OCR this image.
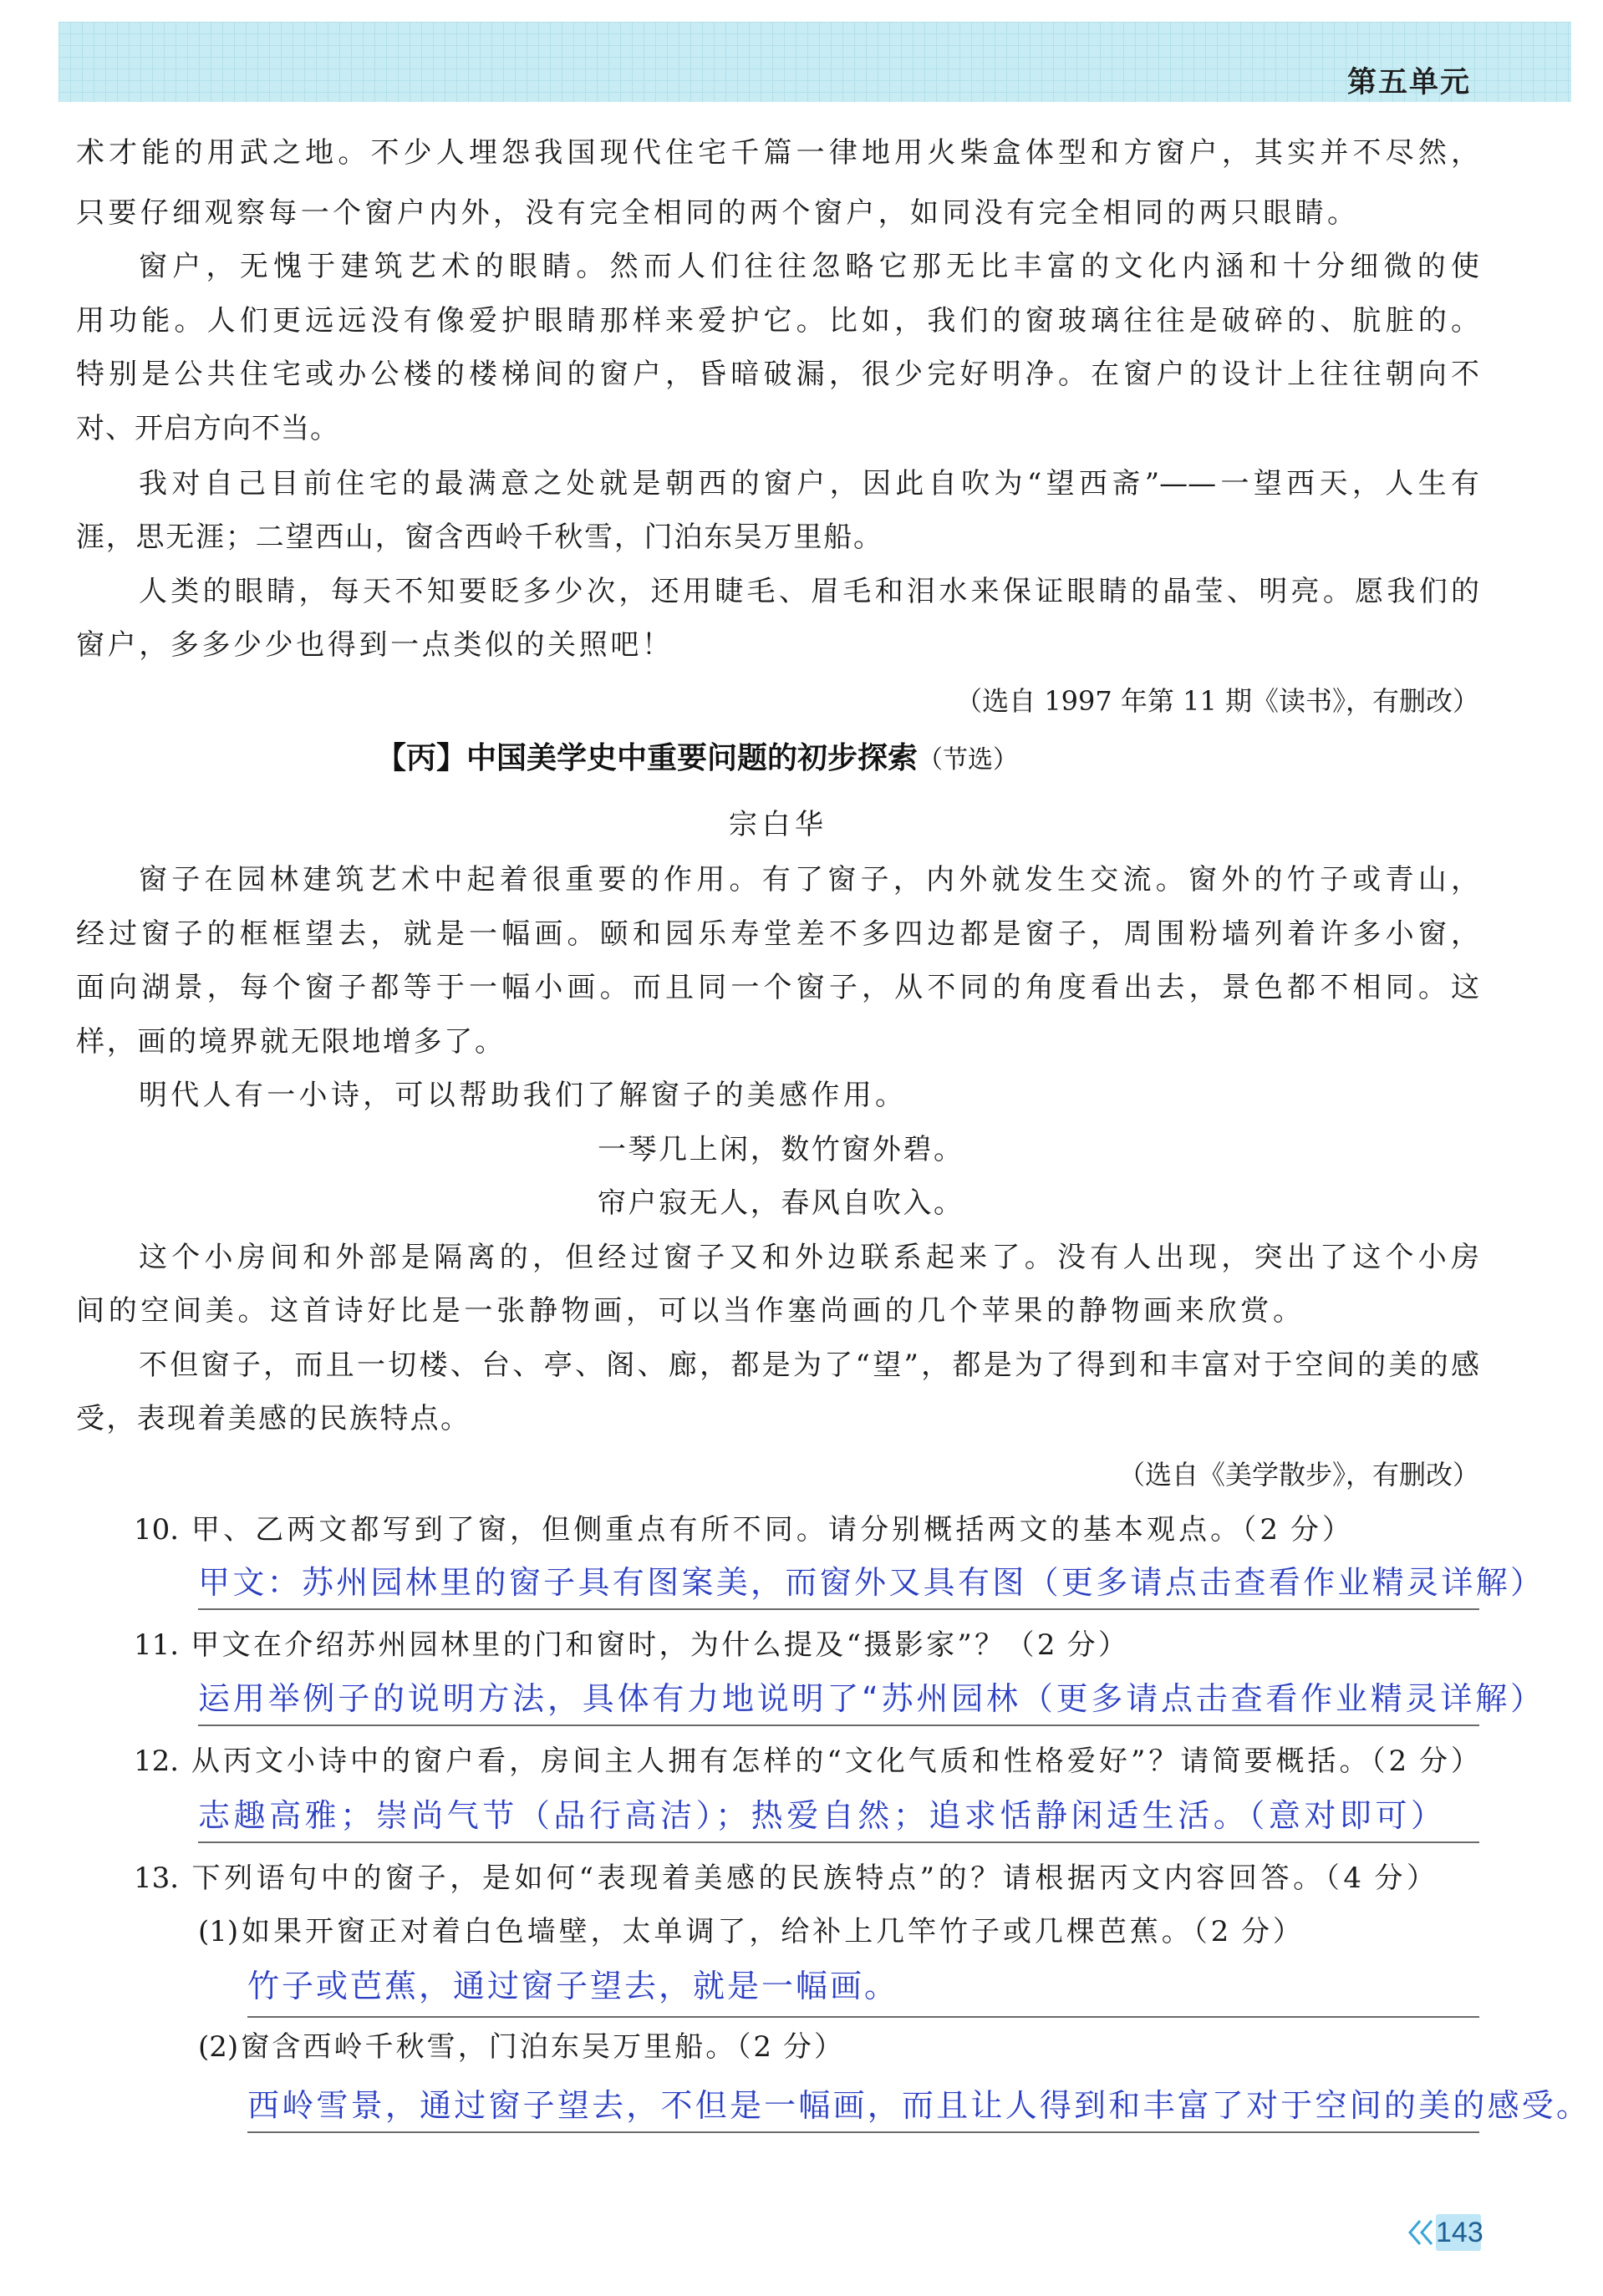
第五单元
术才能的用武之地。不少人埋怨我国现代住宅千篇一律地用火柴盒体型和方窗户，其实并不尽然，
只要仔细观察每一个窗户内外，没有完全相同的两个窗户，如同没有完全相同的两只眼睛。
窗户，无愧于建筑艺术的眼睛。然而人们往往忽略它那无比丰富的文化内涵和十分细微的使
用功能。人们更远远没有像爱护眼睛那样来爱护它。比如，我们的窗玻璃往往是破碎的、肮脏的。
特别是公共住宅或办公楼的楼梯间的窗户，昏暗破漏，很少完好明净。在窗户的设计上往往朝向不
对、开启方向不当。
我对自己目前住宅的最满意之处就是朝西的窗户，因此自吹为“望西斋”——一望西天，人生有
涯，思无涯；二望西山，窗含西岭千秋雪，门泊东吴万里船。
人类的眼睛，每天不知要眨多少次，还用睫毛、眉毛和泪水来保证眼睛的晶莹、明亮。愿我们的
窗户，多多少少也得到一点类似的关照吧！
（选自 1997 年第 11 期《读书》，有删改）
【丙】中国美学史中重要问题的初步探索（节选）
宗白华
窗子在园林建筑艺术中起着很重要的作用。有了窗子，内外就发生交流。窗外的竹子或青山，
经过窗子的框框望去，就是一幅画。颐和园乐寿堂差不多四边都是窗子，周围粉墙列着许多小窗，
面向湖景，每个窗子都等于一幅小画。而且同一个窗子，从不同的角度看出去，景色都不相同。这
样，画的境界就无限地增多了。
明代人有一小诗，可以帮助我们了解窗子的美感作用。
一琴几上闲，数竹窗外碧。
帘户寂无人，春风自吹入。
这个小房间和外部是隔离的，但经过窗子又和外边联系起来了。没有人出现，突出了这个小房
间的空间美。这首诗好比是一张静物画，可以当作塞尚画的几个苹果的静物画来欣赏。
不但窗子，而且一切楼、台、亭、阁、廊，都是为了“望”，都是为了得到和丰富对于空间的美的感
受，表现着美感的民族特点。
（选自《美学散步》，有删改）
10. 甲、乙两文都写到了窗，但侧重点有所不同。请分别概括两文的基本观点。（2 分）
甲文：苏州园林里的窗子具有图案美，而窗外又具有图（更多请点击查看作业精灵详解）
11. 甲文在介绍苏州园林里的门和窗时，为什么提及“摄影家”？（2 分）
运用举例子的说明方法，具体有力地说明了“苏州园林（更多请点击查看作业精灵详解）
12. 从丙文小诗中的窗户看，房间主人拥有怎样的“文化气质和性格爱好”？请简要概括。（2 分）
志趣高雅；崇尚气节（品行高洁）；热爱自然；追求恬静闲适生活。（意对即可）
13. 下列语句中的窗子，是如何“表现着美感的民族特点”的？请根据丙文内容回答。（4 分）
(1)如果开窗正对着白色墙壁，太单调了，给补上几竿竹子或几棵芭蕉。（2 分）
竹子或芭蕉，通过窗子望去，就是一幅画。
(2)窗含西岭千秋雪，门泊东吴万里船。（2 分）
西岭雪景，通过窗子望去，不但是一幅画，而且让人得到和丰富了对于空间的美的感受。
143
